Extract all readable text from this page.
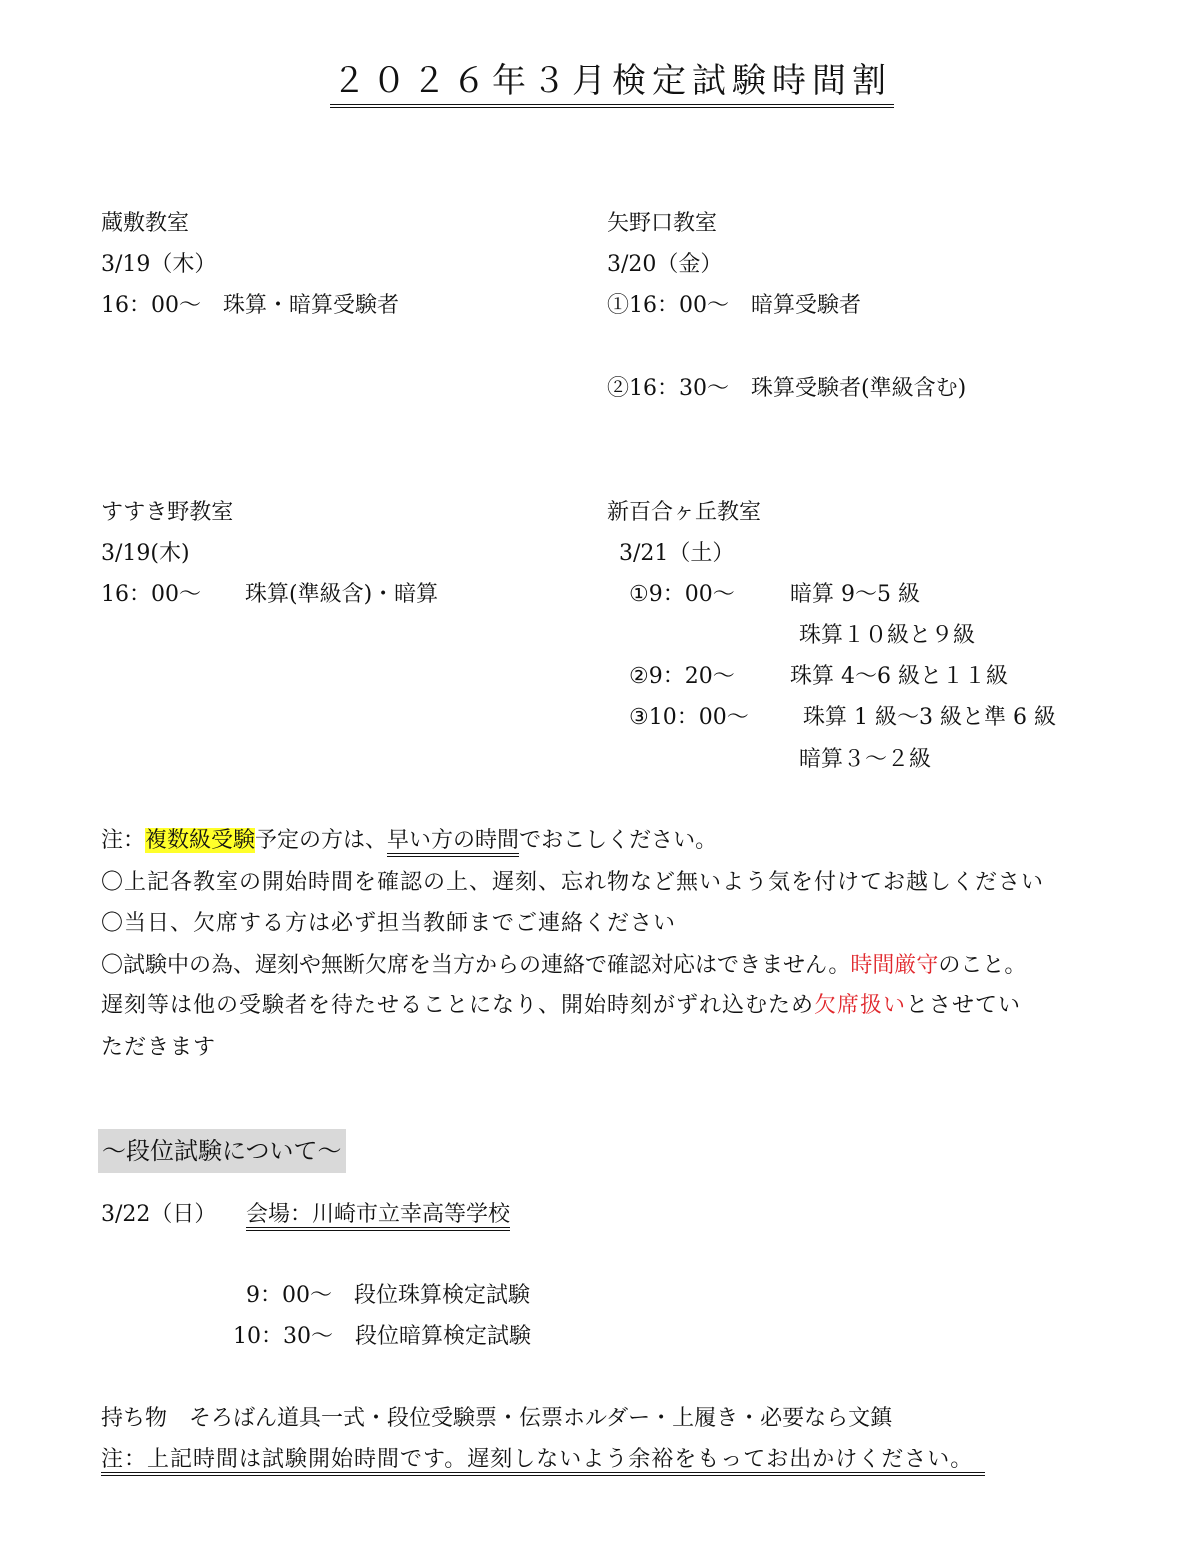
２０２６年３月検定試験時間割
蔵敷教室
3/19（木）
16：00～　珠算・暗算受験者
矢野口教室
3/20（金）
①16：00～　暗算受験者
②16：30～　珠算受験者(準級含む)
すすき野教室
3/19(木)
16：00～　　珠算(準級含)・暗算
新百合ヶ丘教室
3/21（土）
①9：00～	暗算 9～5 級
珠算１０級と９級
②9：20～	珠算 4～6 級と１１級
③10：00～ 珠算 1 級～3 級と準 6 級
暗算３～２級
注：複数級受験予定の方は、早い方の時間でおこしください。
〇上記各教室の開始時間を確認の上、遅刻、忘れ物など無いよう気を付けてお越しください
〇当日、欠席する方は必ず担当教師までご連絡ください
〇試験中の為、遅刻や無断欠席を当方からの連絡で確認対応はできません。時間厳守のこと。
遅刻等は他の受験者を待たせることになり、開始時刻がずれ込むため欠席扱いとさせてい
ただきます
～段位試験について～
3/22（日） 会場：川崎市立幸高等学校
9：00～　段位珠算検定試験
10：30～　段位暗算検定試験
持ち物　そろばん道具一式・段位受験票・伝票ホルダー・上履き・必要なら文鎮
注：上記時間は試験開始時間です。遅刻しないよう余裕をもってお出かけください。
